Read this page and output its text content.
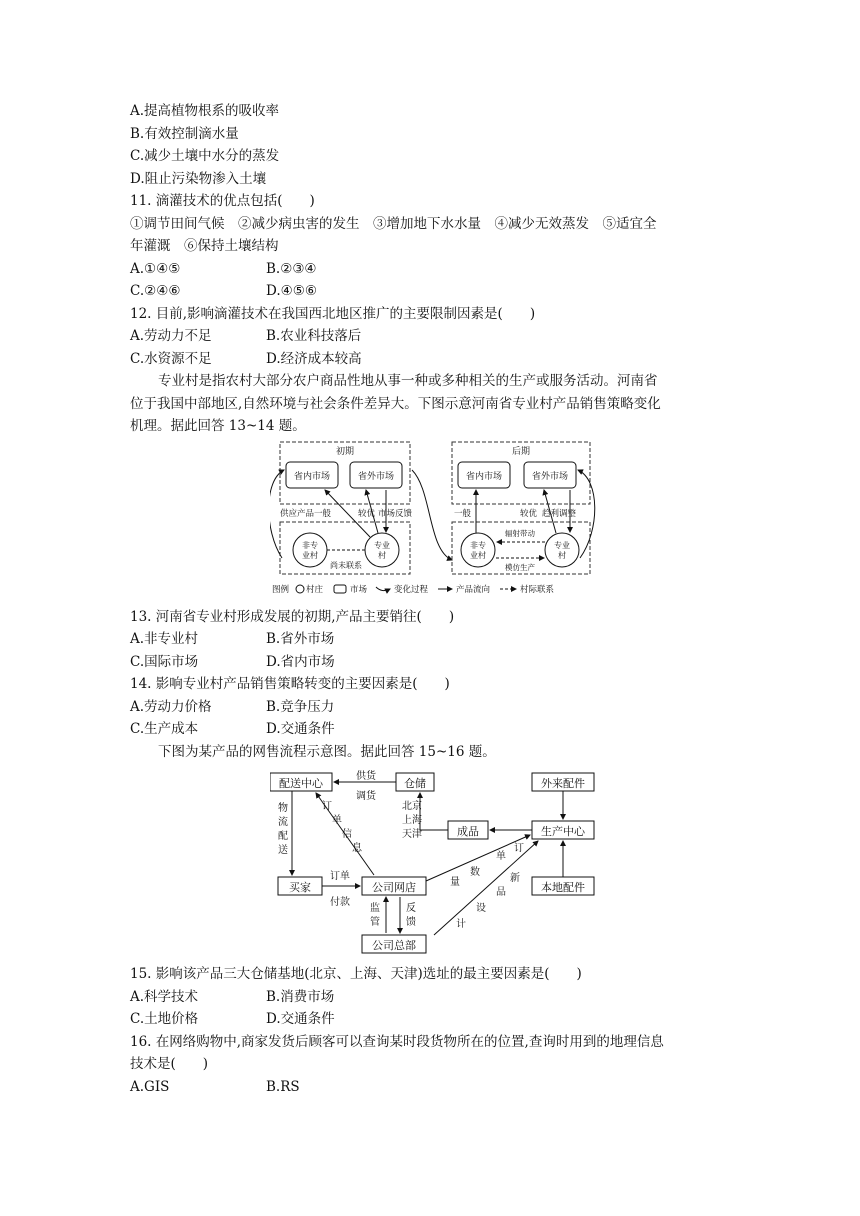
A.提高植物根系的吸收率
B.有效控制滴水量
C.减少土壤中水分的蒸发
D.阻止污染物渗入土壤
11. 滴灌技术的优点包括(　　)
①调节田间气候　②减少病虫害的发生　③增加地下水水量　④减少无效蒸发　⑤适宜全
年灌溉　⑥保持土壤结构
A.①④⑤	B.②③④
C.②④⑥	D.④⑤⑥
12. 目前,影响滴灌技术在我国西北地区推广的主要限制因素是(　　)
A.劳动力不足	B.农业科技落后
C.水资源不足	D.经济成本较高
专业村是指农村大部分农户商品性地从事一种或多种相关的生产或服务活动。河南省
位于我国中部地区,自然环境与社会条件差异大。下图示意河南省专业村产品销售策略变化
机理。据此回答 13~14 题。
初期
省内市场	省外市场
供应产品一般	较优 市场反馈
非专
业村
专业
村
尚未联系
后期
省内市场	省外市场
一般	较优 趋利调整
非专
业村
专业
村
辐射带动
模仿生产
图例 村庄	市场	变化过程	产品流向	村际联系
13. 河南省专业村形成发展的初期,产品主要销往(　　)
A.非专业村	B.省外市场
C.国际市场	D.省内市场
14. 影响专业村产品销售策略转变的主要因素是(　　)
A.劳动力价格	B.竞争压力
C.生产成本	D.交通条件
下图为某产品的网售流程示意图。据此回答 15~16 题。
配送中心	仓储	外来配件
供货
调货
北京
上海
天津	成品	生产中心
物
流
配
送
订
单
信
息
买家	公司网店	本地配件
订单
付款
订
单
数
量	新
品
设
计
监
管
反
馈
公司总部
15. 影响该产品三大仓储基地(北京、上海、天津)选址的最主要因素是(　　)
A.科学技术	B.消费市场
C.土地价格	D.交通条件
16. 在网络购物中,商家发货后顾客可以查询某时段货物所在的位置,查询时用到的地理信息
技术是(　　)
A.GIS	B.RS
